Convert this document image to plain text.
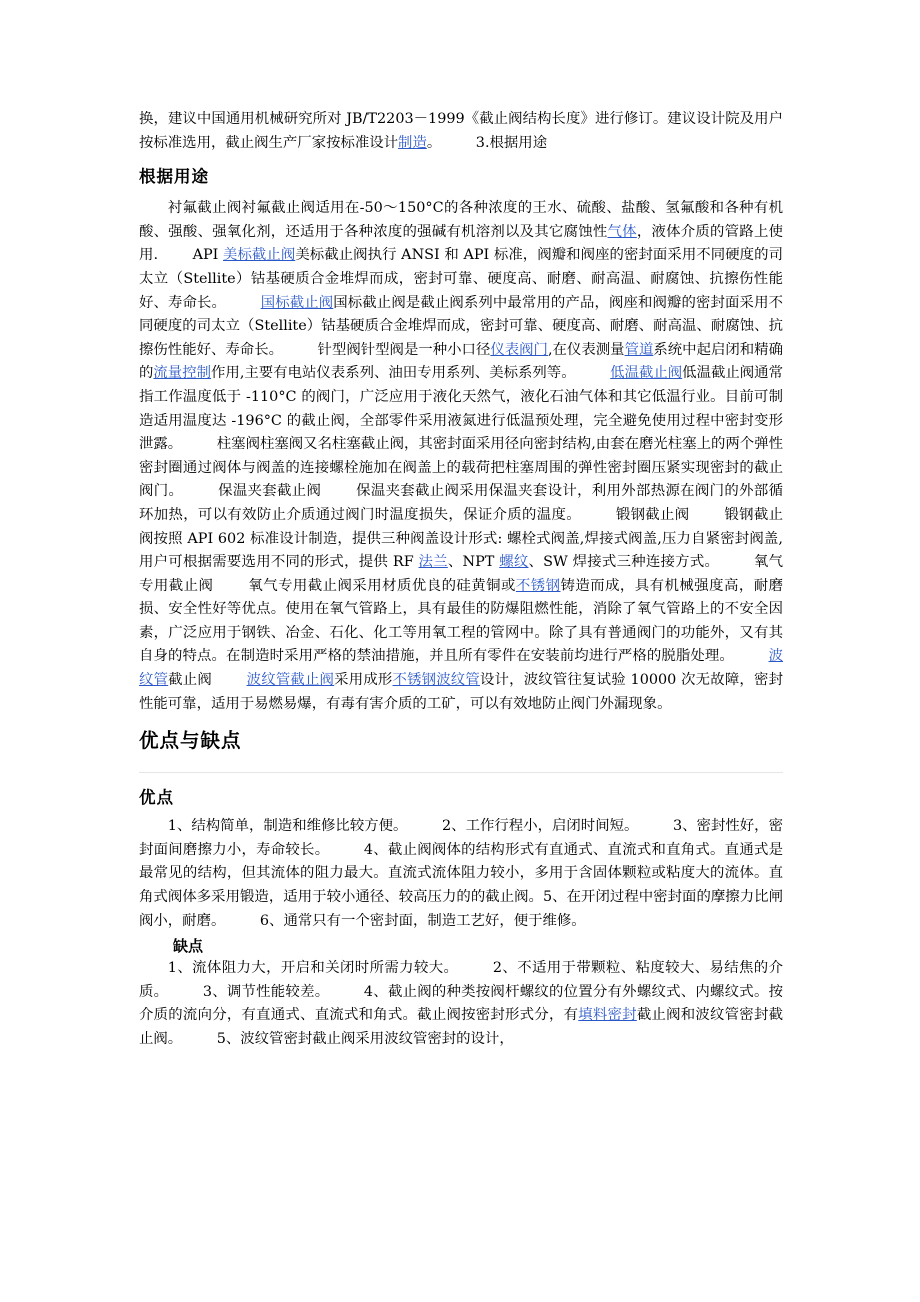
换，建议中国通用机械研究所对 JB/T2203－1999《截止阀结构长度》进行修订。建议设计院及用户按标准选用，截止阀生产厂家按标准设计制造。 3.根据用途

根据用途

衬氟截止阀衬氟截止阀适用在-50～150°C的各种浓度的王水、硫酸、盐酸、氢氟酸和各种有机酸、强酸、强氧化剂，还适用于各种浓度的强碱有机溶剂以及其它腐蚀性气体，液体介质的管路上使用. API 美标截止阀美标截止阀执行 ANSI 和 API 标准，阀瓣和阀座的密封面采用不同硬度的司太立（Stellite）钴基硬质合金堆焊而成，密封可靠、硬度高、耐磨、耐高温、耐腐蚀、抗擦伤性能好、寿命长。 国标截止阀国标截止阀是截止阀系列中最常用的产品，阀座和阀瓣的密封面采用不同硬度的司太立（Stellite）钴基硬质合金堆焊而成，密封可靠、硬度高、耐磨、耐高温、耐腐蚀、抗擦伤性能好、寿命长。 针型阀针型阀是一种小口径仪表阀门,在仪表测量管道系统中起启闭和精确的流量控制作用,主要有电站仪表系列、油田专用系列、美标系列等。 低温截止阀低温截止阀通常指工作温度低于 -110°C 的阀门，广泛应用于液化天然气，液化石油气体和其它低温行业。目前可制造适用温度达 -196°C 的截止阀，全部零件采用液氮进行低温预处理，完全避免使用过程中密封变形泄露。 柱塞阀柱塞阀又名柱塞截止阀，其密封面采用径向密封结构,由套在磨光柱塞上的两个弹性密封圈通过阀体与阀盖的连接螺栓施加在阀盖上的载荷把柱塞周围的弹性密封圈压紧实现密封的截止阀门。 保温夹套截止阀 保温夹套截止阀采用保温夹套设计，利用外部热源在阀门的外部循环加热，可以有效防止介质通过阀门时温度损失，保证介质的温度。 锻钢截止阀 锻钢截止阀按照 API 602 标准设计制造，提供三种阀盖设计形式: 螺栓式阀盖,焊接式阀盖,压力自紧密封阀盖,用户可根据需要选用不同的形式，提供 RF 法兰、NPT 螺纹、SW 焊接式三种连接方式。 氧气专用截止阀 氧气专用截止阀采用材质优良的硅黄铜或不锈钢铸造而成，具有机械强度高，耐磨损、安全性好等优点。使用在氧气管路上，具有最佳的防爆阻燃性能，消除了氧气管路上的不安全因素，广泛应用于钢铁、冶金、石化、化工等用氧工程的管网中。除了具有普通阀门的功能外，又有其自身的特点。在制造时采用严格的禁油措施，并且所有零件在安装前均进行严格的脱脂处理。 波纹管截止阀 波纹管截止阀采用成形不锈钢波纹管设计，波纹管往复试验 10000 次无故障，密封性能可靠，适用于易燃易爆，有毒有害介质的工矿，可以有效地防止阀门外漏现象。

优点与缺点
优点

1、结构简单，制造和维修比较方便。 2、工作行程小，启闭时间短。 3、密封性好，密封面间磨擦力小，寿命较长。 4、截止阀阀体的结构形式有直通式、直流式和直角式。直通式是最常见的结构，但其流体的阻力最大。直流式流体阻力较小，多用于含固体颗粒或粘度大的流体。直角式阀体多采用锻造，适用于较小通径、较高压力的的截止阀。5、在开闭过程中密封面的摩擦力比闸阀小，耐磨。 6、通常只有一个密封面，制造工艺好，便于维修。

缺点

1、流体阻力大，开启和关闭时所需力较大。 2、不适用于带颗粒、粘度较大、易结焦的介质。 3、调节性能较差。 4、截止阀的种类按阀杆螺纹的位置分有外螺纹式、内螺纹式。按介质的流向分，有直通式、直流式和角式。截止阀按密封形式分，有填料密封截止阀和波纹管密封截止阀。 5、波纹管密封截止阀采用波纹管密封的设计，
